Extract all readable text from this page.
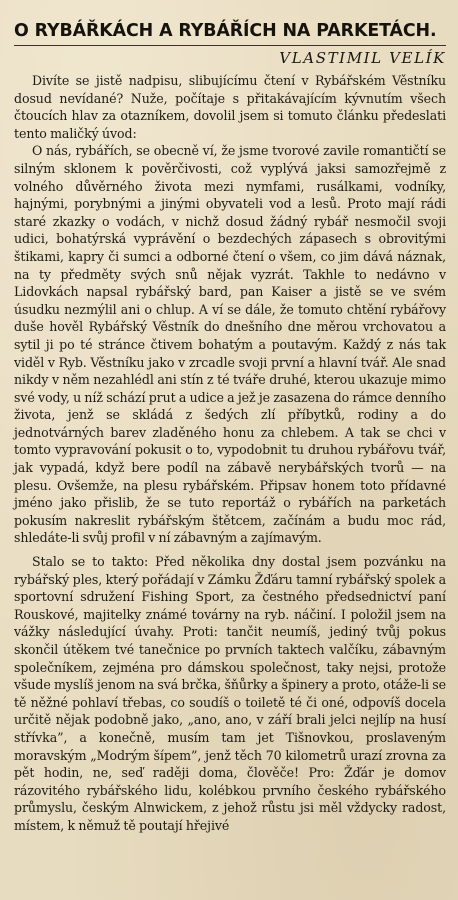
O RYBÁŘKÁCH A RYBÁŘÍCH NA PARKETÁCH.
VLASTIMIL VELÍK

Divíte se jistě nadpisu, slibujícímu čtení v Rybářském Věstníku dosud nevídané? Nuže, počítaje s přitakávajícím kývnutím všech čtoucích hlav za otazníkem, dovolil jsem si tomuto článku předeslati tento maličký úvod:

O nás, rybářích, se obecně ví, že jsme tvorové zavile romantičtí se silným sklonem k pověrčivosti, což vyplývá jaksi samozřejmě z volného důvěrného života mezi nymfami, rusálkami, vodníky, hajnými, porybnými a jinými obyvateli vod a lesů. Proto mají rádi staré zkazky o vodách, v nichž dosud žádný rybář nesmočil svoji udici, bohatýrská vyprávění o bezdechých zápasech s obrovitými štikami, kapry či sumci a odborné čtení o všem, co jim dává náznak, na ty předměty svých snů nějak vyzrát. Takhle to nedávno v Lidovkách napsal rybářský bard, pan Kaiser a jistě se ve svém úsudku nezmýlil ani o chlup. A ví se dále, že tomuto chtění rybářovy duše hověl Rybářský Věstník do dnešního dne měrou vrchovatou a sytil ji po té stránce čtivem bohatým a poutavým. Každý z nás tak viděl v Ryb. Věstníku jako v zrcadle svoji první a hlavní tvář. Ale snad nikdy v něm nezahlédl ani stín z té tváře druhé, kterou ukazuje mimo své vody, u níž schází prut a udice a jež je zasazena do rámce denního života, jenž se skládá z šedých zlí příbytků, rodiny a do jednotvárných barev zladěného honu za chlebem. A tak se chci v tomto vypravování pokusit o to, vypodobnit tu druhou rybářovu tvář, jak vypadá, když bere podíl na zábavě nerybářských tvorů — na plesu. Ovšemže, na plesu rybářském. Připsav honem toto přídavné jméno jako přislib, že se tuto reportáž o rybářích na parketách pokusím nakreslit rybářským štětcem, začínám a budu moc rád, shledáte-li svůj profil v ní zábavným a zajímavým.

Stalo se to takto: Před několika dny dostal jsem pozvánku na rybářský ples, který pořádají v Zámku Žďáru tamní rybářský spolek a sportovní sdružení Fishing Sport, za čestného předsednictví paní Rouskové, majitelky známé továrny na ryb. náčiní. I položil jsem na vážky následující úvahy. Proti: tančit neumíš, jediný tvůj pokus skončil útěkem tvé tanečnice po prvních taktech valčíku, zábavným společníkem, zejména pro dámskou společnost, taky nejsi, protože všude myslíš jenom na svá brčka, šňůrky a špinery a proto, otáže-li se tě něžné pohlaví třebas, co soudíš o toiletě té či oné, odpovíš docela určitě nějak podobně jako, „ano, ano, v září brali jelci nejlíp na husí střívka”, a konečně, musím tam jet Tišnovkou, proslaveným moravským „Modrým šípem”, jenž těch 70 kilometrů urazí zrovna za pět hodin, ne, seď raději doma, člověče! Pro: Žďár je domov rázovitého rybářského lidu, kolébkou prvního českého rybářského průmyslu, českým Alnwickem, z jehož růstu jsi měl vždycky radost, místem, k němuž tě poutají hřejivé
